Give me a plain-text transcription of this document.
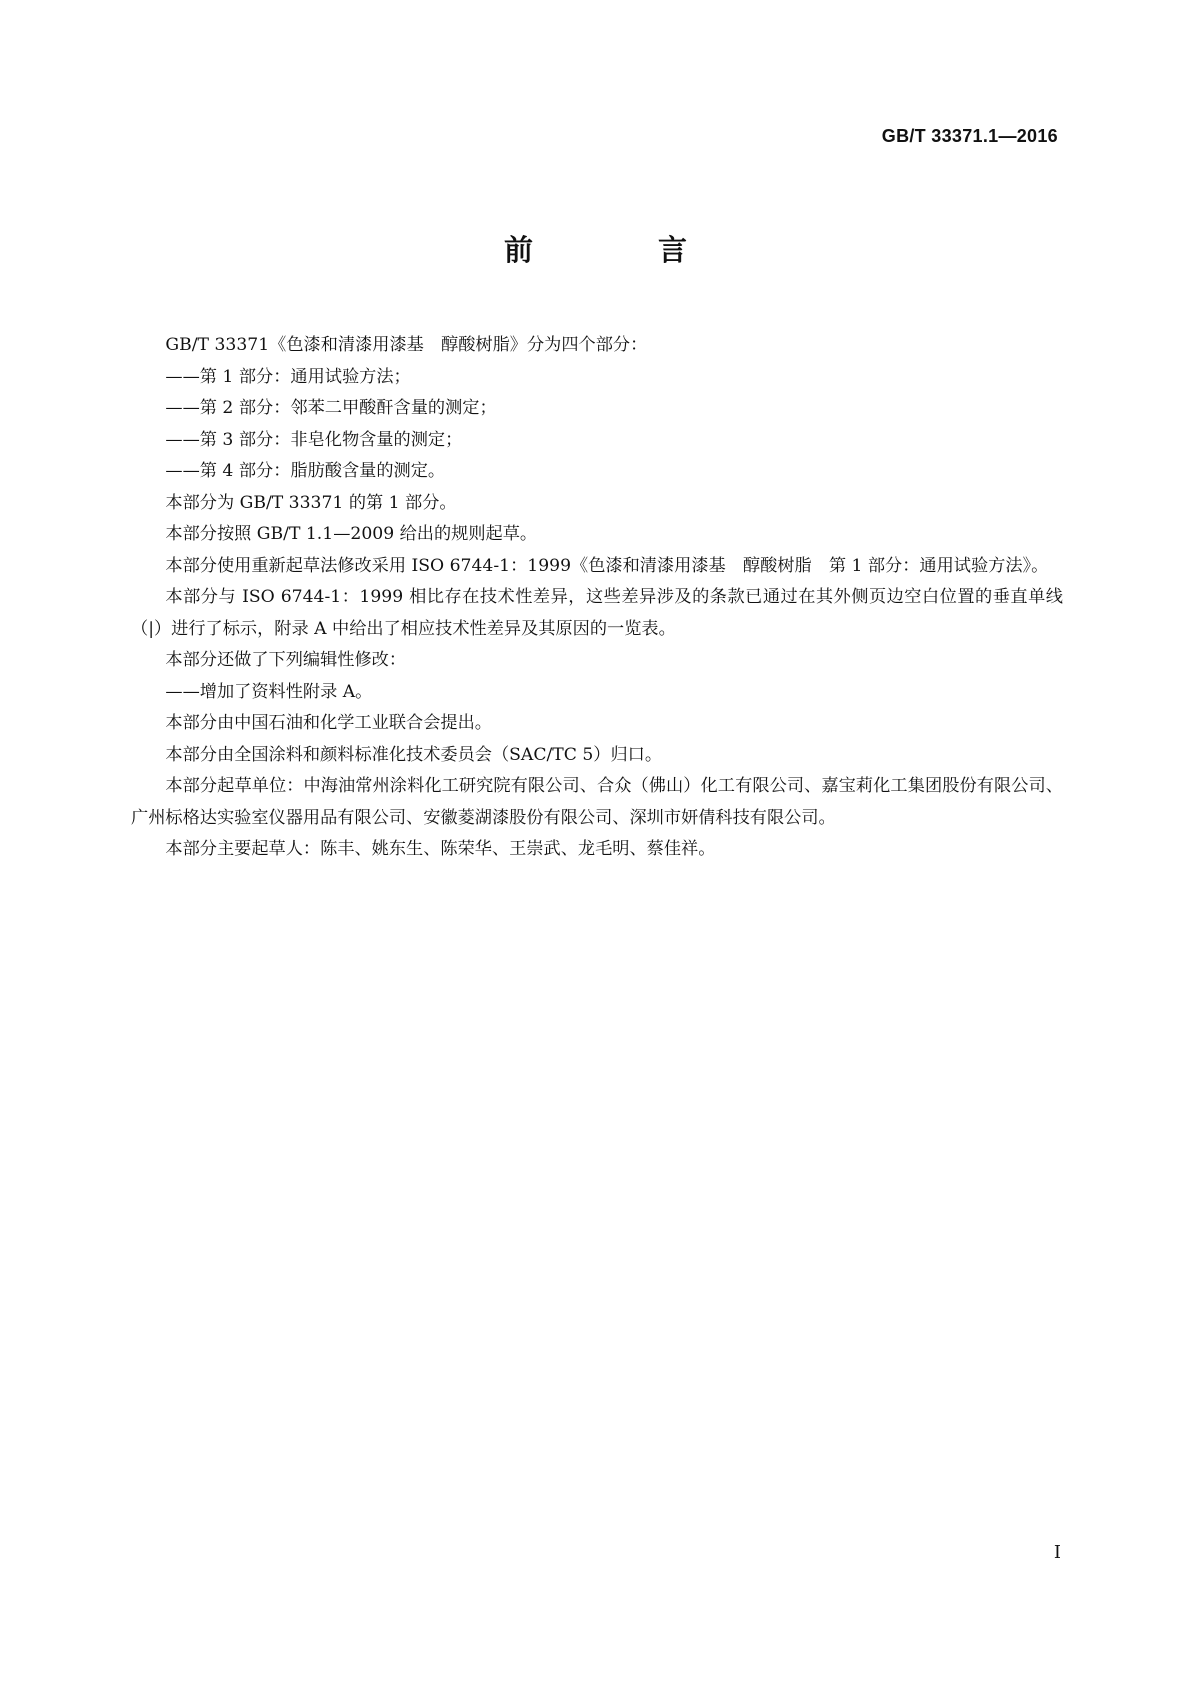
GB/T 33371.1—2016
前　言

GB/T 33371《色漆和清漆用漆基　醇酸树脂》分为四个部分：

——第 1 部分：通用试验方法；

——第 2 部分：邻苯二甲酸酐含量的测定；

——第 3 部分：非皂化物含量的测定；

——第 4 部分：脂肪酸含量的测定。

本部分为 GB/T 33371 的第 1 部分。

本部分按照 GB/T 1.1—2009 给出的规则起草。

本部分使用重新起草法修改采用 ISO 6744-1：1999《色漆和清漆用漆基　醇酸树脂　第 1 部分：通用试验方法》。

本部分与 ISO 6744-1：1999 相比存在技术性差异，这些差异涉及的条款已通过在其外侧页边空白位置的垂直单线（|）进行了标示，附录 A 中给出了相应技术性差异及其原因的一览表。

本部分还做了下列编辑性修改：

——增加了资料性附录 A。

本部分由中国石油和化学工业联合会提出。

本部分由全国涂料和颜料标准化技术委员会（SAC/TC 5）归口。

本部分起草单位：中海油常州涂料化工研究院有限公司、合众（佛山）化工有限公司、嘉宝莉化工集团股份有限公司、广州标格达实验室仪器用品有限公司、安徽菱湖漆股份有限公司、深圳市妍倩科技有限公司。

本部分主要起草人：陈丰、姚东生、陈荣华、王崇武、龙毛明、蔡佳祥。

I
